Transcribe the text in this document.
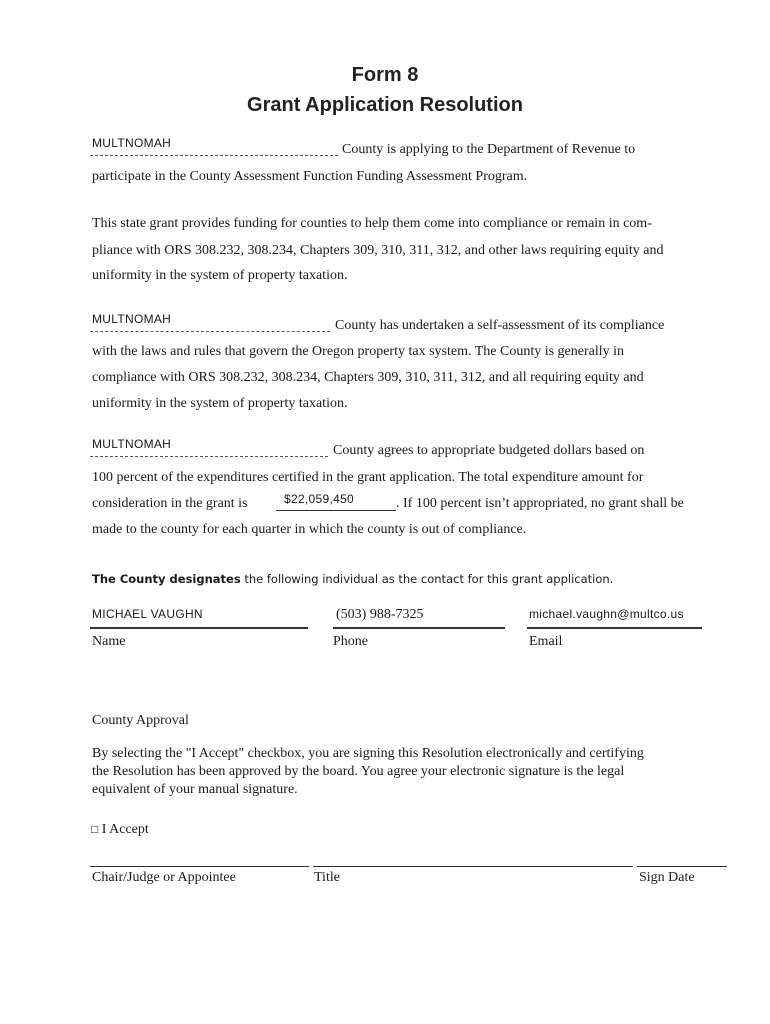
Form 8
Grant Application Resolution
MULTNOMAH	County is applying to the Department of Revenue to
participate in the County Assessment Function Funding Assessment Program.
This state grant provides funding for counties to help them come into compliance or remain in com-
pliance with ORS 308.232, 308.234, Chapters 309, 310, 311, 312, and other laws requiring equity and
uniformity in the system of property taxation.
MULTNOMAH	County has undertaken a self-assessment of its compliance
with the laws and rules that govern the Oregon property tax system. The County is generally in
compliance with ORS 308.232, 308.234, Chapters 309, 310, 311, 312, and all requiring equity and
uniformity in the system of property taxation.
MULTNOMAH	County agrees to appropriate budgeted dollars based on
100 percent of the expenditures certified in the grant application. The total expenditure amount for
consideration in the grant is	$22,059,450	. If 100 percent isn’t appropriated, no grant shall be
made to the county for each quarter in which the county is out of compliance.
The County designates the following individual as the contact for this grant application.
MICHAEL VAUGHN
Name
(503) 988-7325
Phone
michael.vaughn@multco.us
Email
County Approval
By selecting the "I Accept" checkbox, you are signing this Resolution electronically and certifying
the Resolution has been approved by the board. You agree your electronic signature is the legal
equivalent of your manual signature.
□ I Accept
Chair/Judge or Appointee	Title	Sign Date
